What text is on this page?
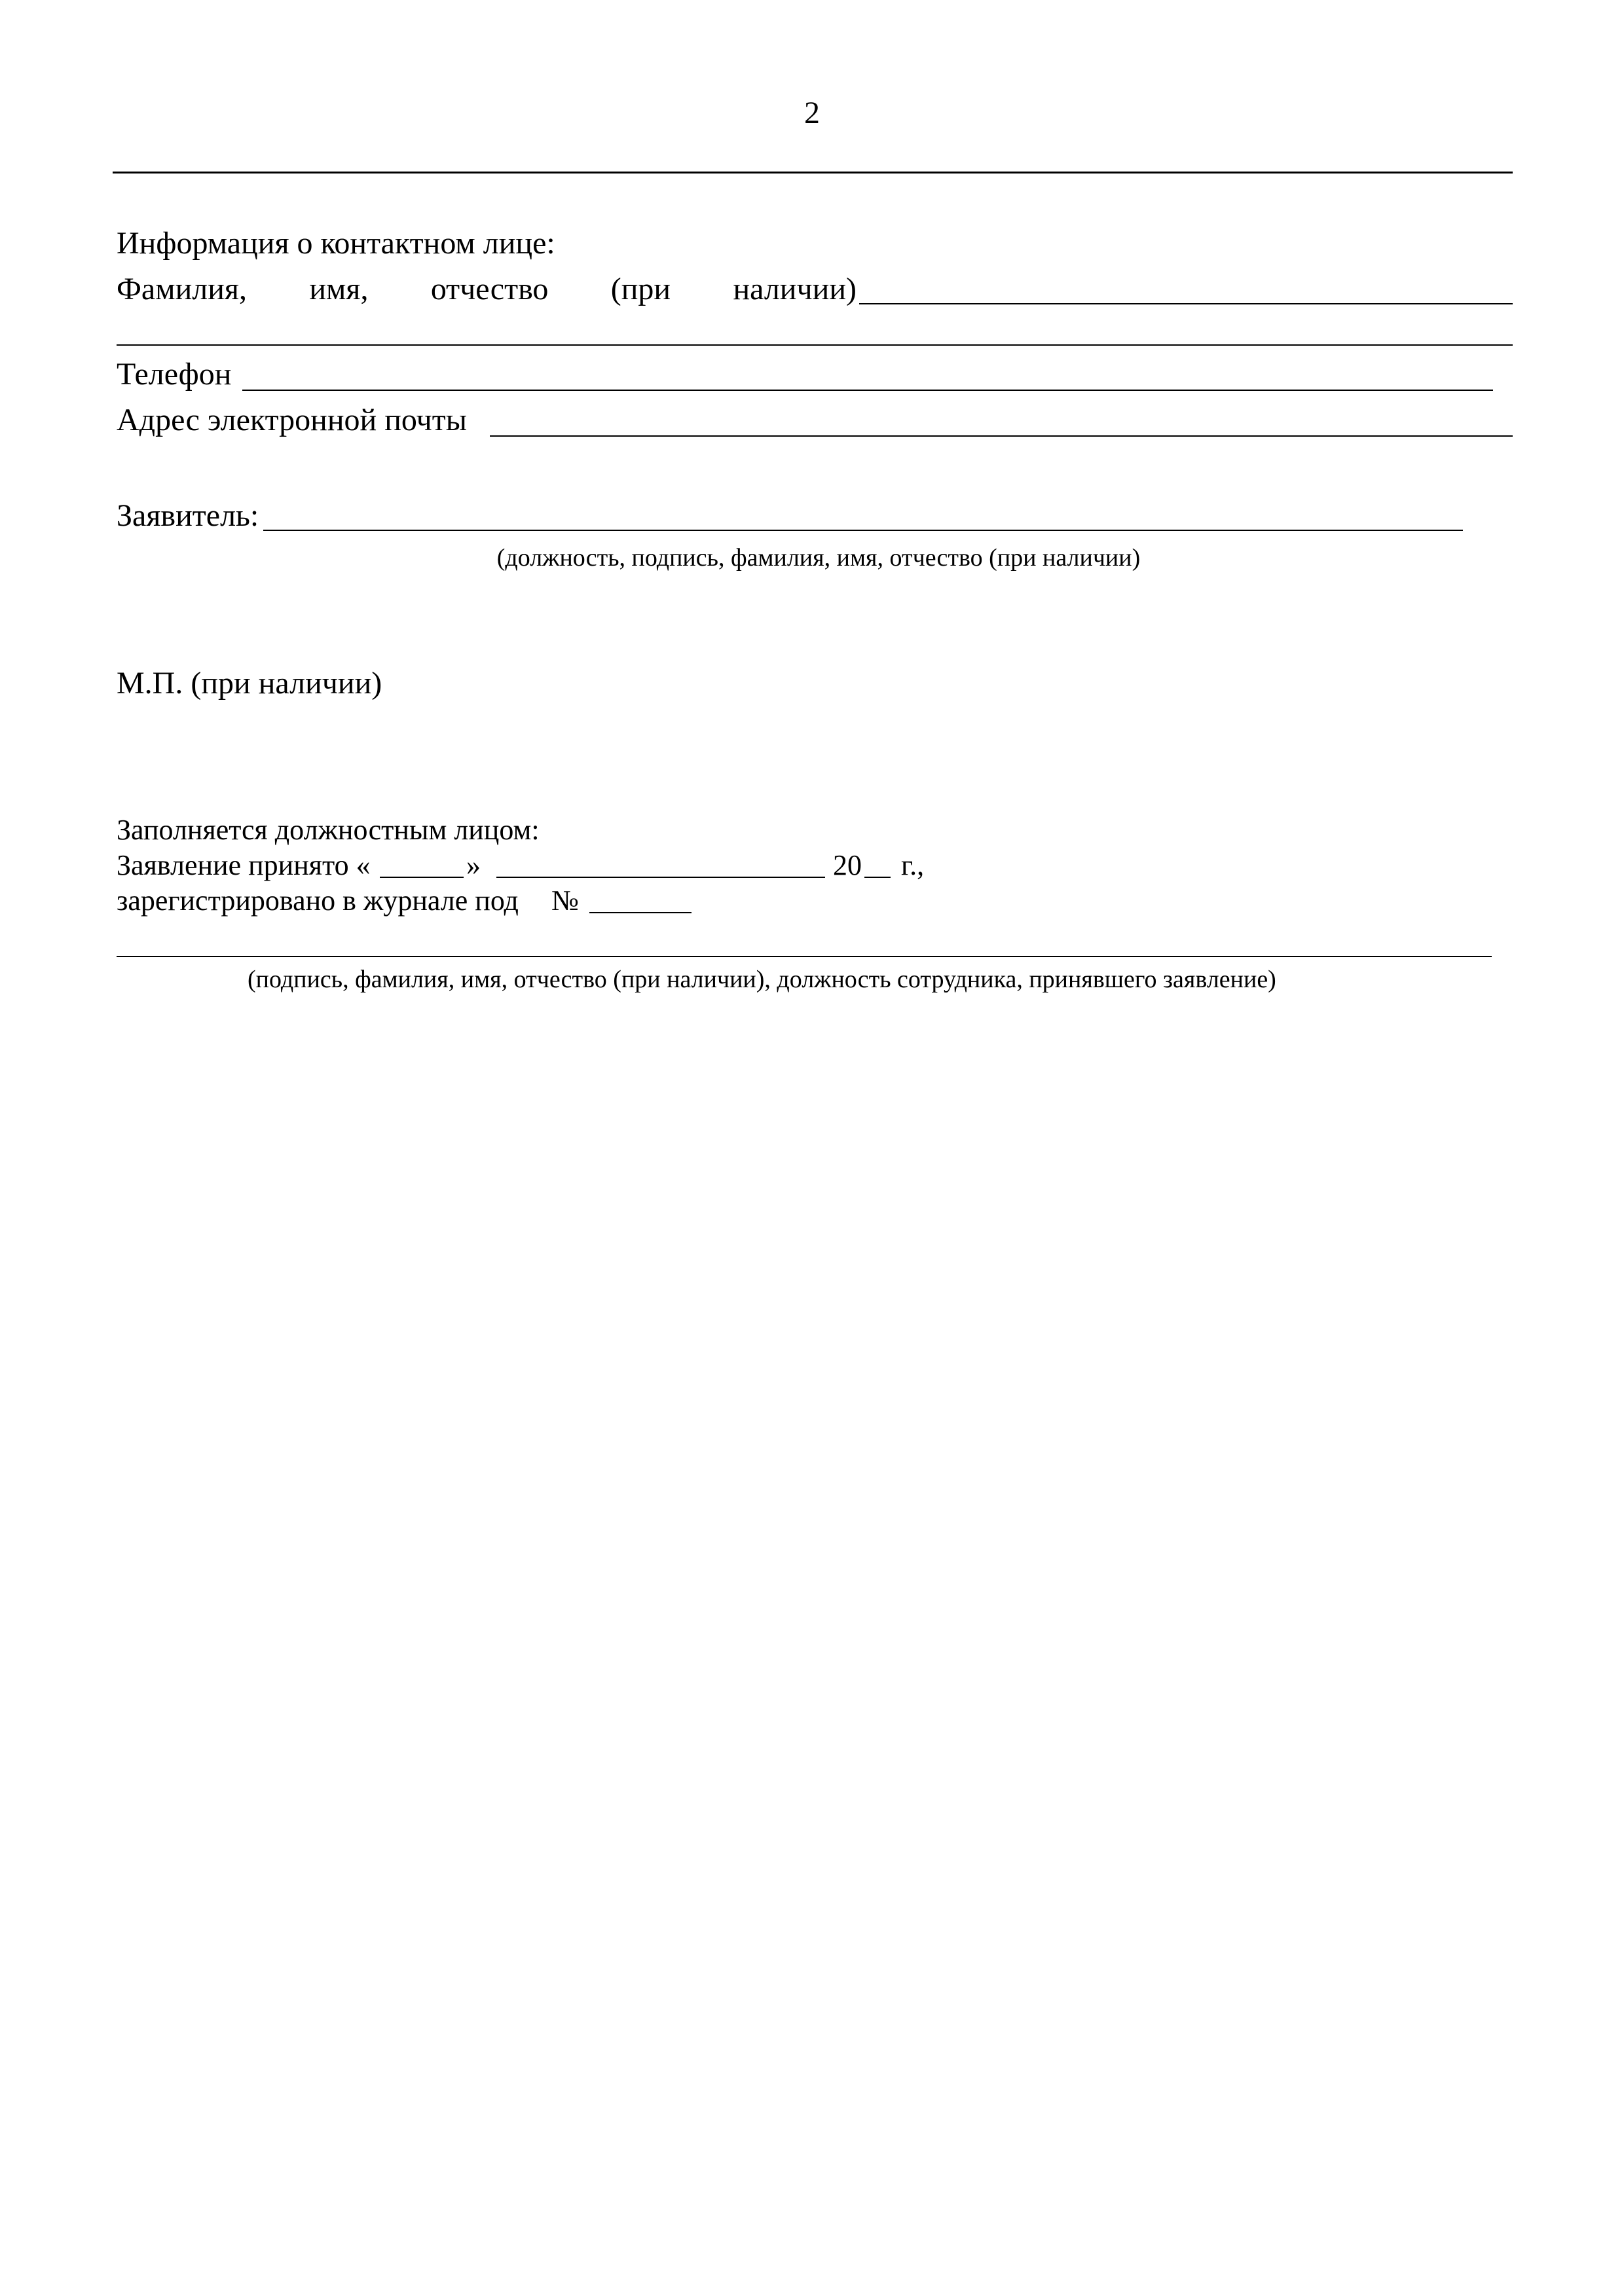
2
Информация о контактном лице:
Фамилия, имя, отчество (при наличии)
Телефон
Адрес электронной почты
Заявитель:
(должность, подпись, фамилия, имя, отчество (при наличии)
М.П. (при наличии)
Заполняется должностным лицом:
Заявление принято «	»	20 г.,
зарегистрировано в журнале под №
(подпись, фамилия, имя, отчество (при наличии), должность сотрудника, принявшего заявление)
